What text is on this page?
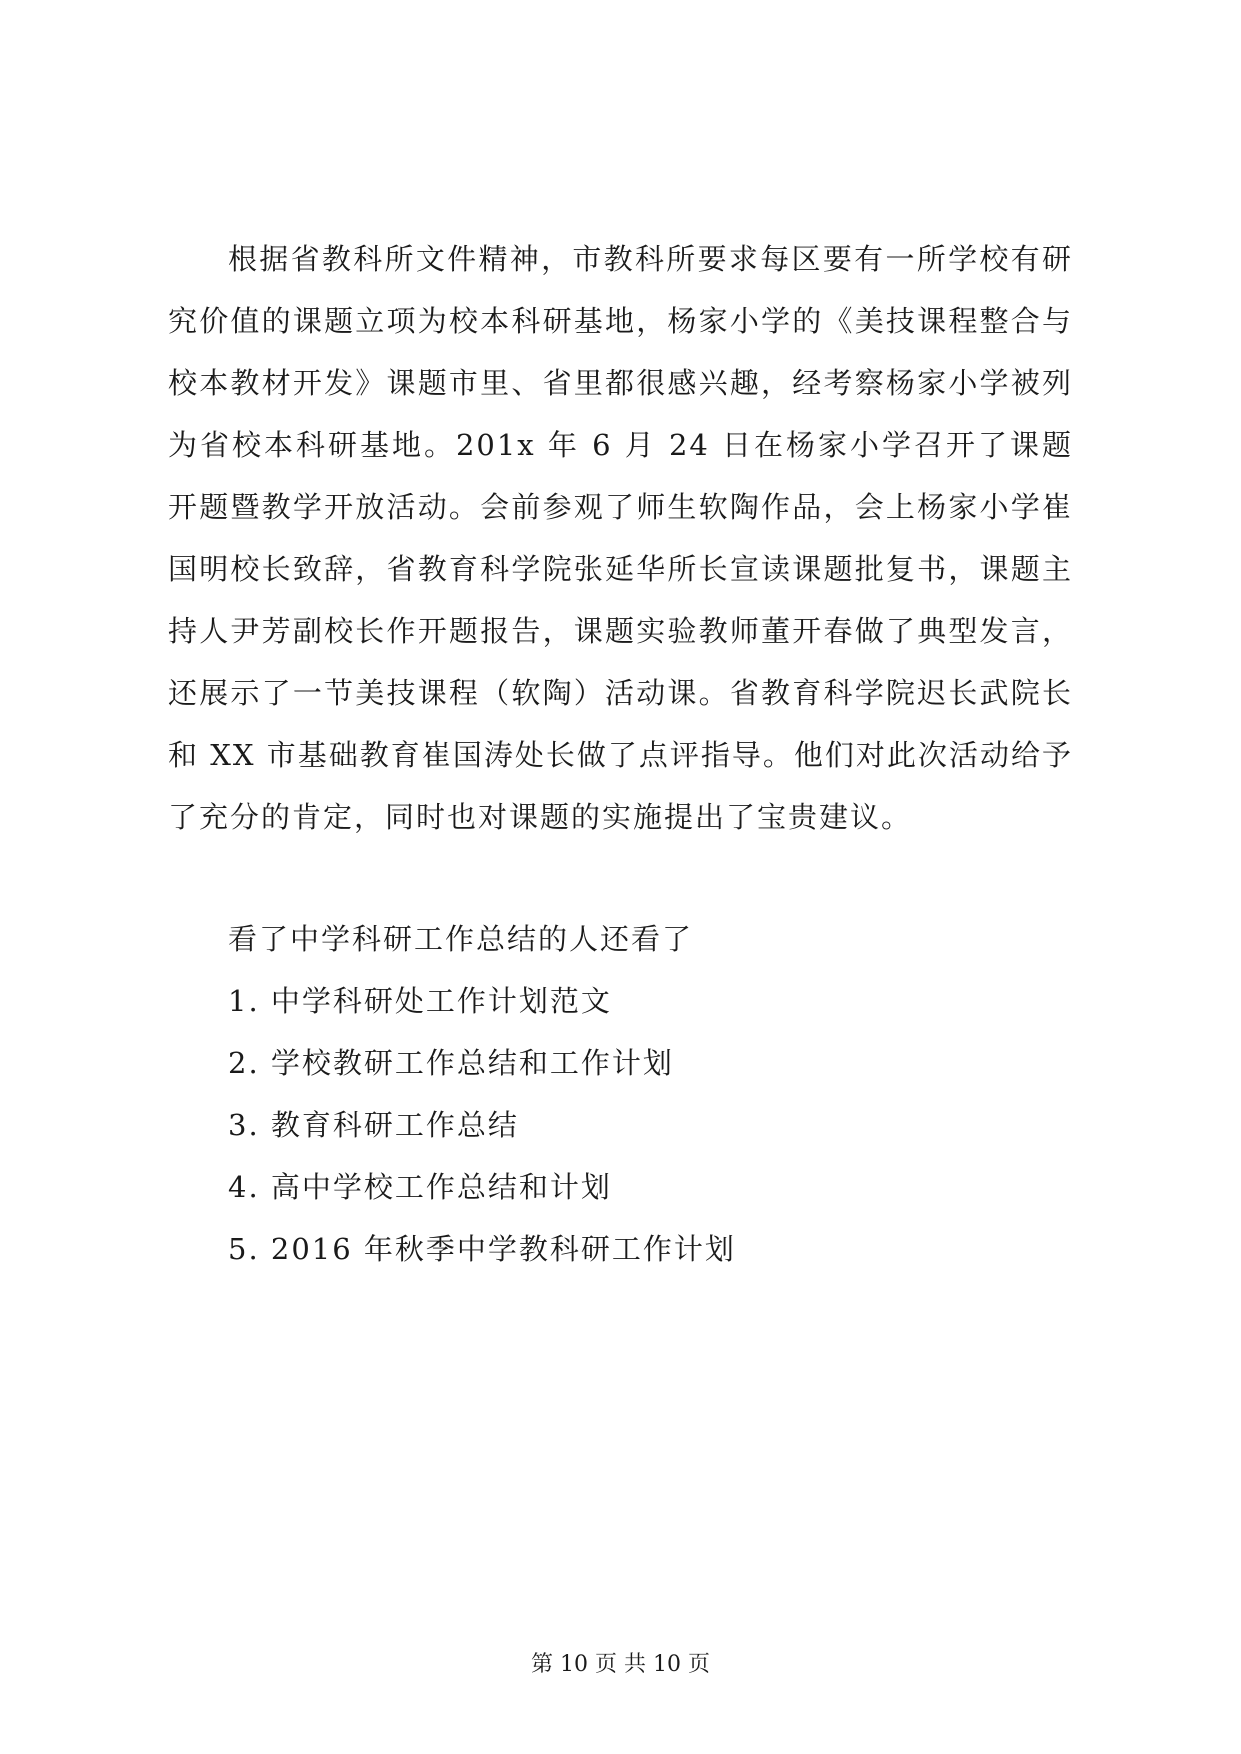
根据省教科所文件精神，市教科所要求每区要有一所学校有研究价值的课题立项为校本科研基地，杨家小学的《美技课程整合与校本教材开发》课题市里、省里都很感兴趣，经考察杨家小学被列为省校本科研基地。201x 年 6 月 24 日在杨家小学召开了课题开题暨教学开放活动。会前参观了师生软陶作品，会上杨家小学崔国明校长致辞，省教育科学院张延华所长宣读课题批复书，课题主持人尹芳副校长作开题报告，课题实验教师董开春做了典型发言，还展示了一节美技课程（软陶）活动课。省教育科学院迟长武院长和 XX 市基础教育崔国涛处长做了点评指导。他们对此次活动给予了充分的肯定，同时也对课题的实施提出了宝贵建议。

看了中学科研工作总结的人还看了
1. 中学科研处工作计划范文
2. 学校教研工作总结和工作计划
3. 教育科研工作总结
4. 高中学校工作总结和计划
5. 2016 年秋季中学教科研工作计划
第 10 页 共 10 页
